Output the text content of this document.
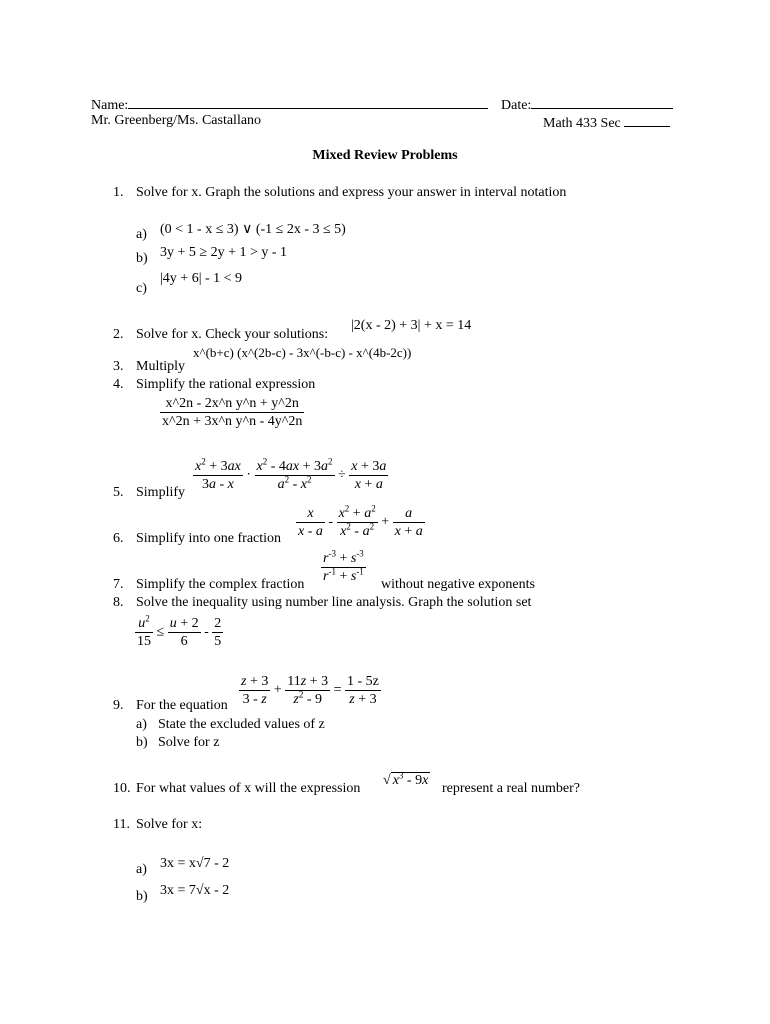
Name:	Date:
Mr. Greenberg/Ms. Castallano	Math 433 Sec
Mixed Review Problems
1. Solve for x. Graph the solutions and express your answer in interval notation
a) (0 < 1 - x ≤ 3) ∨ (-1 ≤ 2x - 3 ≤ 5)
b) 3y + 5 ≥ 2y + 1 > y - 1
c)
|4y + 6| - 1 < 9
2. Solve for x. Check your solutions:
|2(x - 2) + 3| + x = 14
3. Multiply
x^(b+c) (x^(2b-c) - 3x^(-b-c) - x^(4b-2c))
4. Simplify the rational expression
$\frac{\text{x\textasciicircum{}2n - 2x\textasciicircum{}n y\textasciicircum{}n + y\textasciicircum{}2n}}{\text{x\textasciicircum{}2n + 3x\textasciicircum{}n y\textasciicircum{}n - 4y\textasciicircum{}2n}}$
5. Simplify $\frac{x^2 + 3ax}{3a - x} \cdot \frac{x^2 - 4ax + 3a^2}{a^2 - x^2} \div \frac{x + 3a}{x + a}$
6. Simplify into one fraction $\frac{x}{x - a} - \frac{x^2 + a^2}{x^2 - a^2} + \frac{a}{x + a}$
7. Simplify the complex fraction $\frac{r^{-3} + s^{-3}}{r^{-1} + s^{-1}}$ without negative exponents
8. Solve the inequality using number line analysis. Graph the solution set
$\frac{u^2}{15} \le \frac{u + 2}{6} - \frac{2}{5}$
9. For the equation $\frac{z + 3}{3 - z} + \frac{11z + 3}{z^2 - 9} = \frac{1 - 5z}{z + 3}$
a) State the excluded values of z
b) Solve for z
10. For what values of x will the expression
√ $x^3 - 9x$
represent a real number?
11. Solve for x:
a) 3x = x√7 - 2
b) 3x = 7√x - 2
